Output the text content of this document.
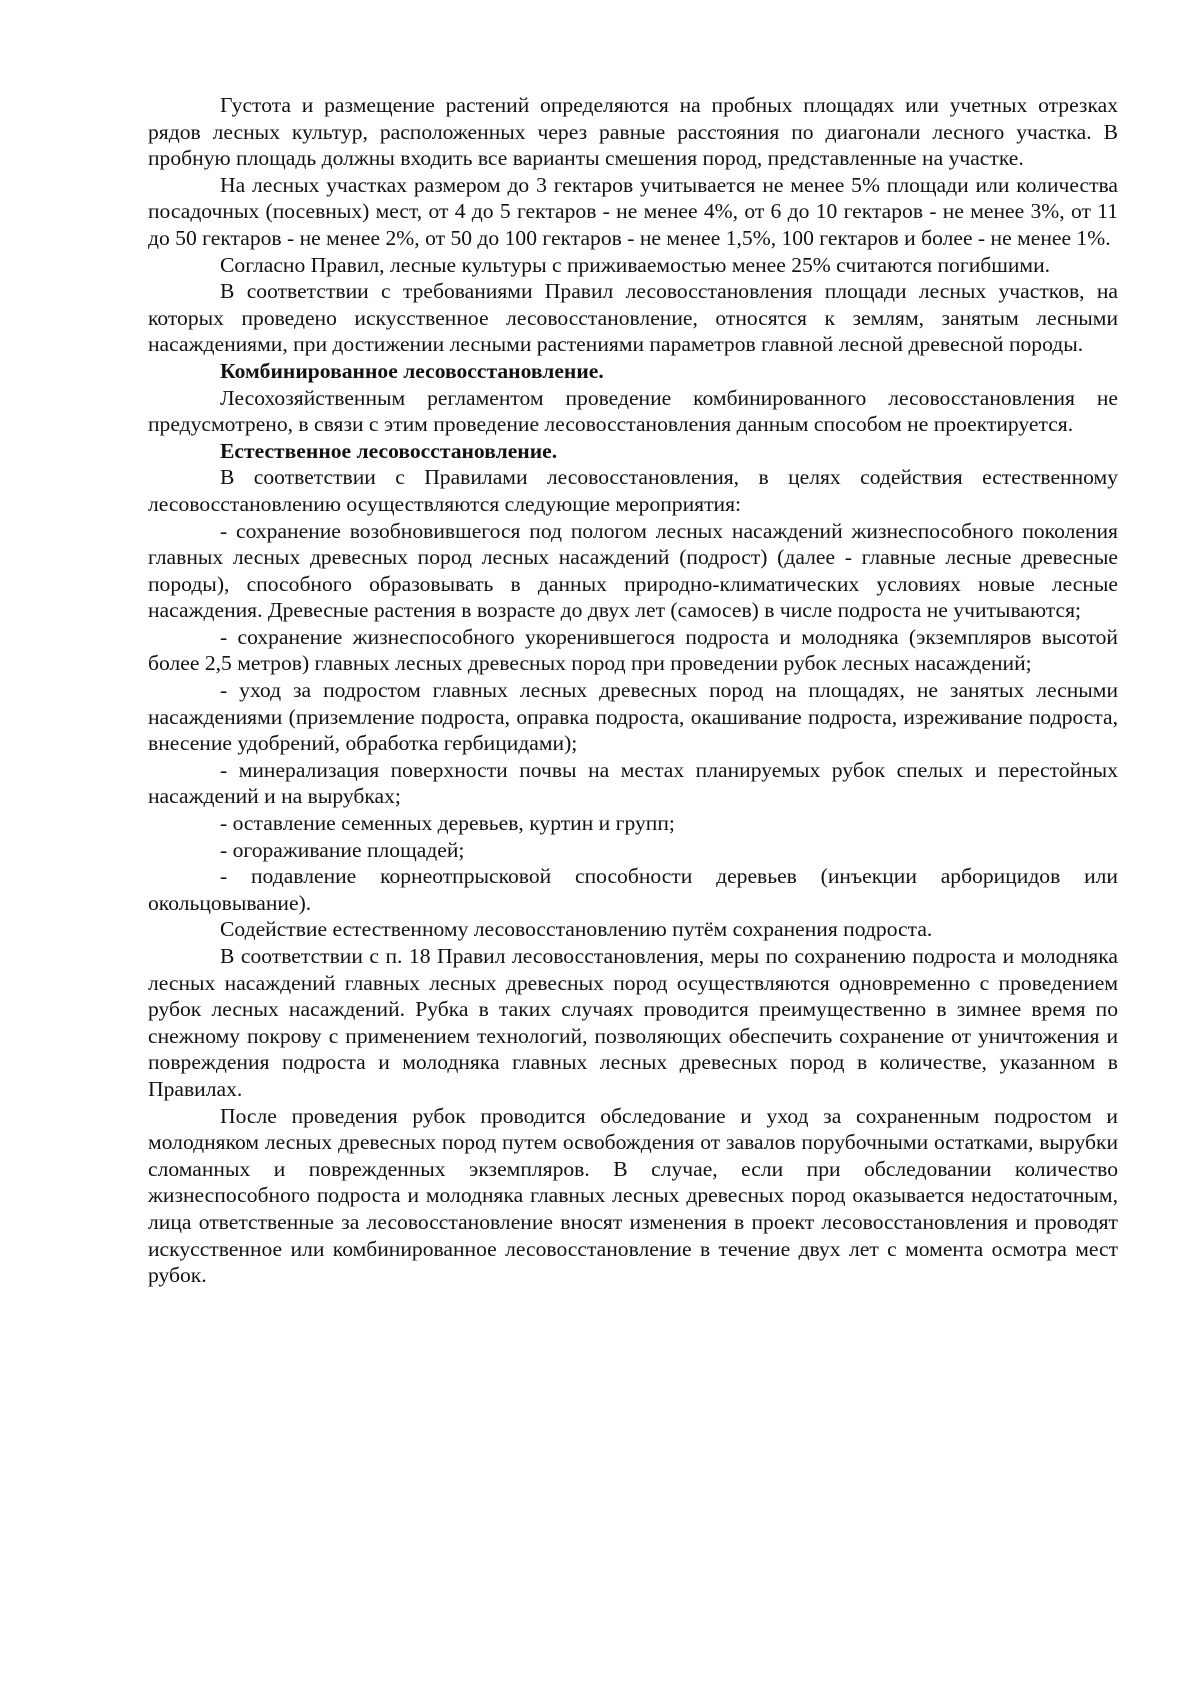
Густота и размещение растений определяются на пробных площадях или учетных отрезках рядов лесных культур, расположенных через равные расстояния по диагонали лесного участка. В пробную площадь должны входить все варианты смешения пород, представленные на участке.

На лесных участках размером до 3 гектаров учитывается не менее 5% площади или количества посадочных (посевных) мест, от 4 до 5 гектаров - не менее 4%, от 6 до 10 гектаров - не менее 3%, от 11 до 50 гектаров - не менее 2%, от 50 до 100 гектаров - не менее 1,5%, 100 гектаров и более - не менее 1%.

Согласно Правил, лесные культуры с приживаемостью менее 25% считаются погибшими.

В соответствии с требованиями Правил лесовосстановления площади лесных участков, на которых проведено искусственное лесовосстановление, относятся к землям, занятым лесными насаждениями, при достижении лесными растениями параметров главной лесной древесной породы.

Комбинированное лесовосстановление.

Лесохозяйственным регламентом проведение комбинированного лесовосстановления не предусмотрено, в связи с этим проведение лесовосстановления данным способом не проектируется.

Естественное лесовосстановление.

В соответствии с Правилами лесовосстановления, в целях содействия естественному лесовосстановлению осуществляются следующие мероприятия:

- сохранение возобновившегося под пологом лесных насаждений жизнеспособного поколения главных лесных древесных пород лесных насаждений (подрост) (далее - главные лесные древесные породы), способного образовывать в данных природно-климатических условиях новые лесные насаждения. Древесные растения в возрасте до двух лет (самосев) в числе подроста не учитываются;

- сохранение жизнеспособного укоренившегося подроста и молодняка (экземпляров высотой более 2,5 метров) главных лесных древесных пород при проведении рубок лесных насаждений;

- уход за подростом главных лесных древесных пород на площадях, не занятых лесными насаждениями (приземление подроста, оправка подроста, окашивание подроста, изреживание подроста, внесение удобрений, обработка гербицидами);

- минерализация поверхности почвы на местах планируемых рубок спелых и перестойных насаждений и на вырубках;

- оставление семенных деревьев, куртин и групп;

- огораживание площадей;

- подавление корнеотпрысковой способности деревьев (инъекции арборицидов или окольцовывание).

Содействие естественному лесовосстановлению путём сохранения подроста.

В соответствии с п. 18 Правил лесовосстановления, меры по сохранению подроста и молодняка лесных насаждений главных лесных древесных пород осуществляются одновременно с проведением рубок лесных насаждений. Рубка в таких случаях проводится преимущественно в зимнее время по снежному покрову с применением технологий, позволяющих обеспечить сохранение от уничтожения и повреждения подроста и молодняка главных лесных древесных пород в количестве, указанном в Правилах.

После проведения рубок проводится обследование и уход за сохраненным подростом и молодняком лесных древесных пород путем освобождения от завалов порубочными остатками, вырубки сломанных и поврежденных экземпляров. В случае, если при обследовании количество жизнеспособного подроста и молодняка главных лесных древесных пород оказывается недостаточным, лица ответственные за лесовосстановление вносят изменения в проект лесовосстановления и проводят искусственное или комбинированное лесовосстановление в течение двух лет с момента осмотра мест рубок.
